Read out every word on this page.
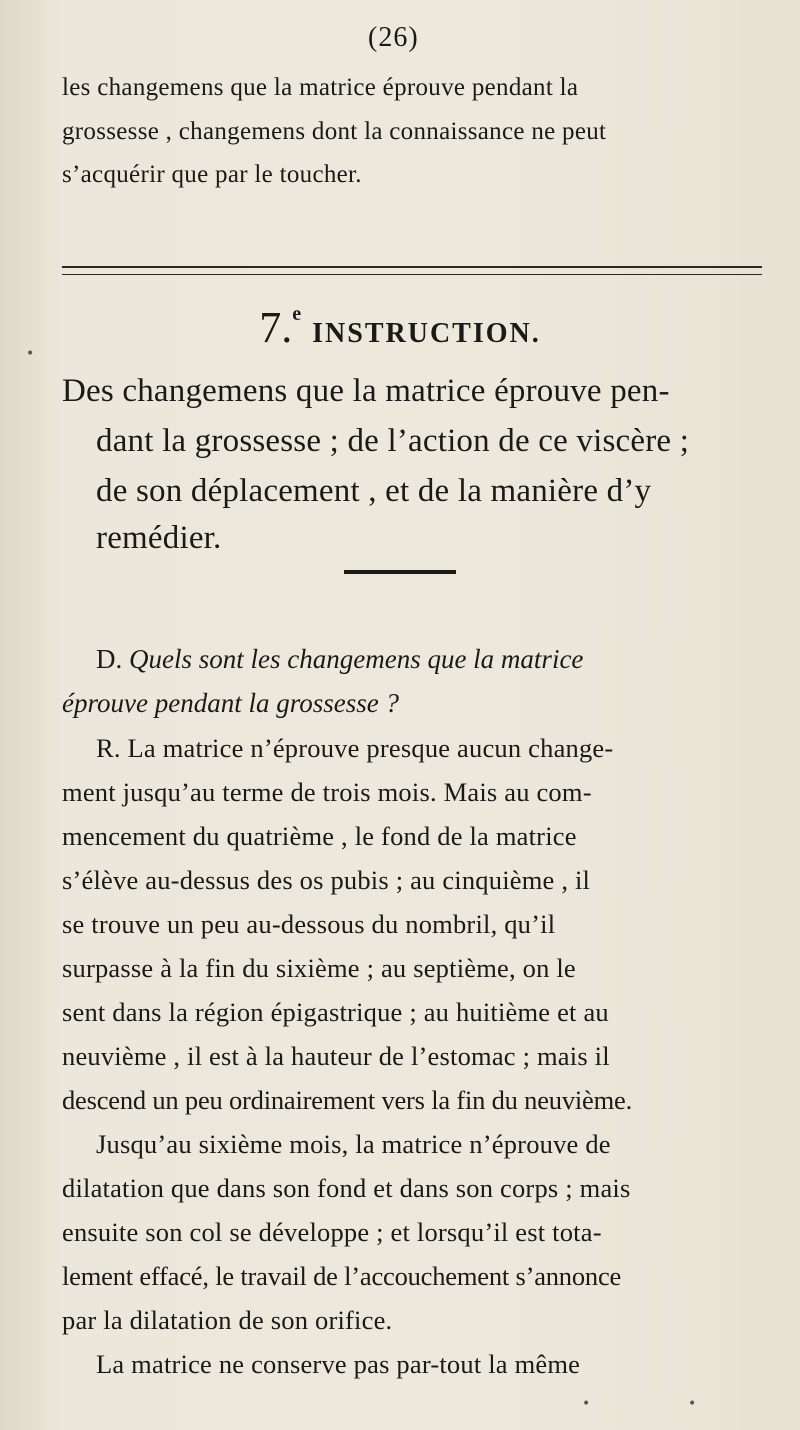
(26)
les changemens que la matrice éprouve pendant la
grossesse , changemens dont la connaissance ne peut
s’acquérir que par le toucher.
7.$^e$ INSTRUCTION.
Des changemens que la matrice éprouve pen-
dant la grossesse ; de l’action de ce viscère ;
de son déplacement , et de la manière d’y
remédier.
D. Quels sont les changemens que la matrice
éprouve pendant la grossesse ?
R. La matrice n’éprouve presque aucun change-
ment jusqu’au terme de trois mois. Mais au com-
mencement du quatrième , le fond de la matrice
s’élève au-dessus des os pubis ; au cinquième , il
se trouve un peu au-dessous du nombril, qu’il
surpasse à la fin du sixième ; au septième, on le
sent dans la région épigastrique ; au huitième et au
neuvième , il est à la hauteur de l’estomac ; mais il
descend un peu ordinairement vers la fin du neuvième.
Jusqu’au sixième mois, la matrice n’éprouve de
dilatation que dans son fond et dans son corps ; mais
ensuite son col se développe ; et lorsqu’il est tota-
lement effacé, le travail de l’accouchement s’annonce
par la dilatation de son orifice.
La matrice ne conserve pas par-tout la même
•
•	•
